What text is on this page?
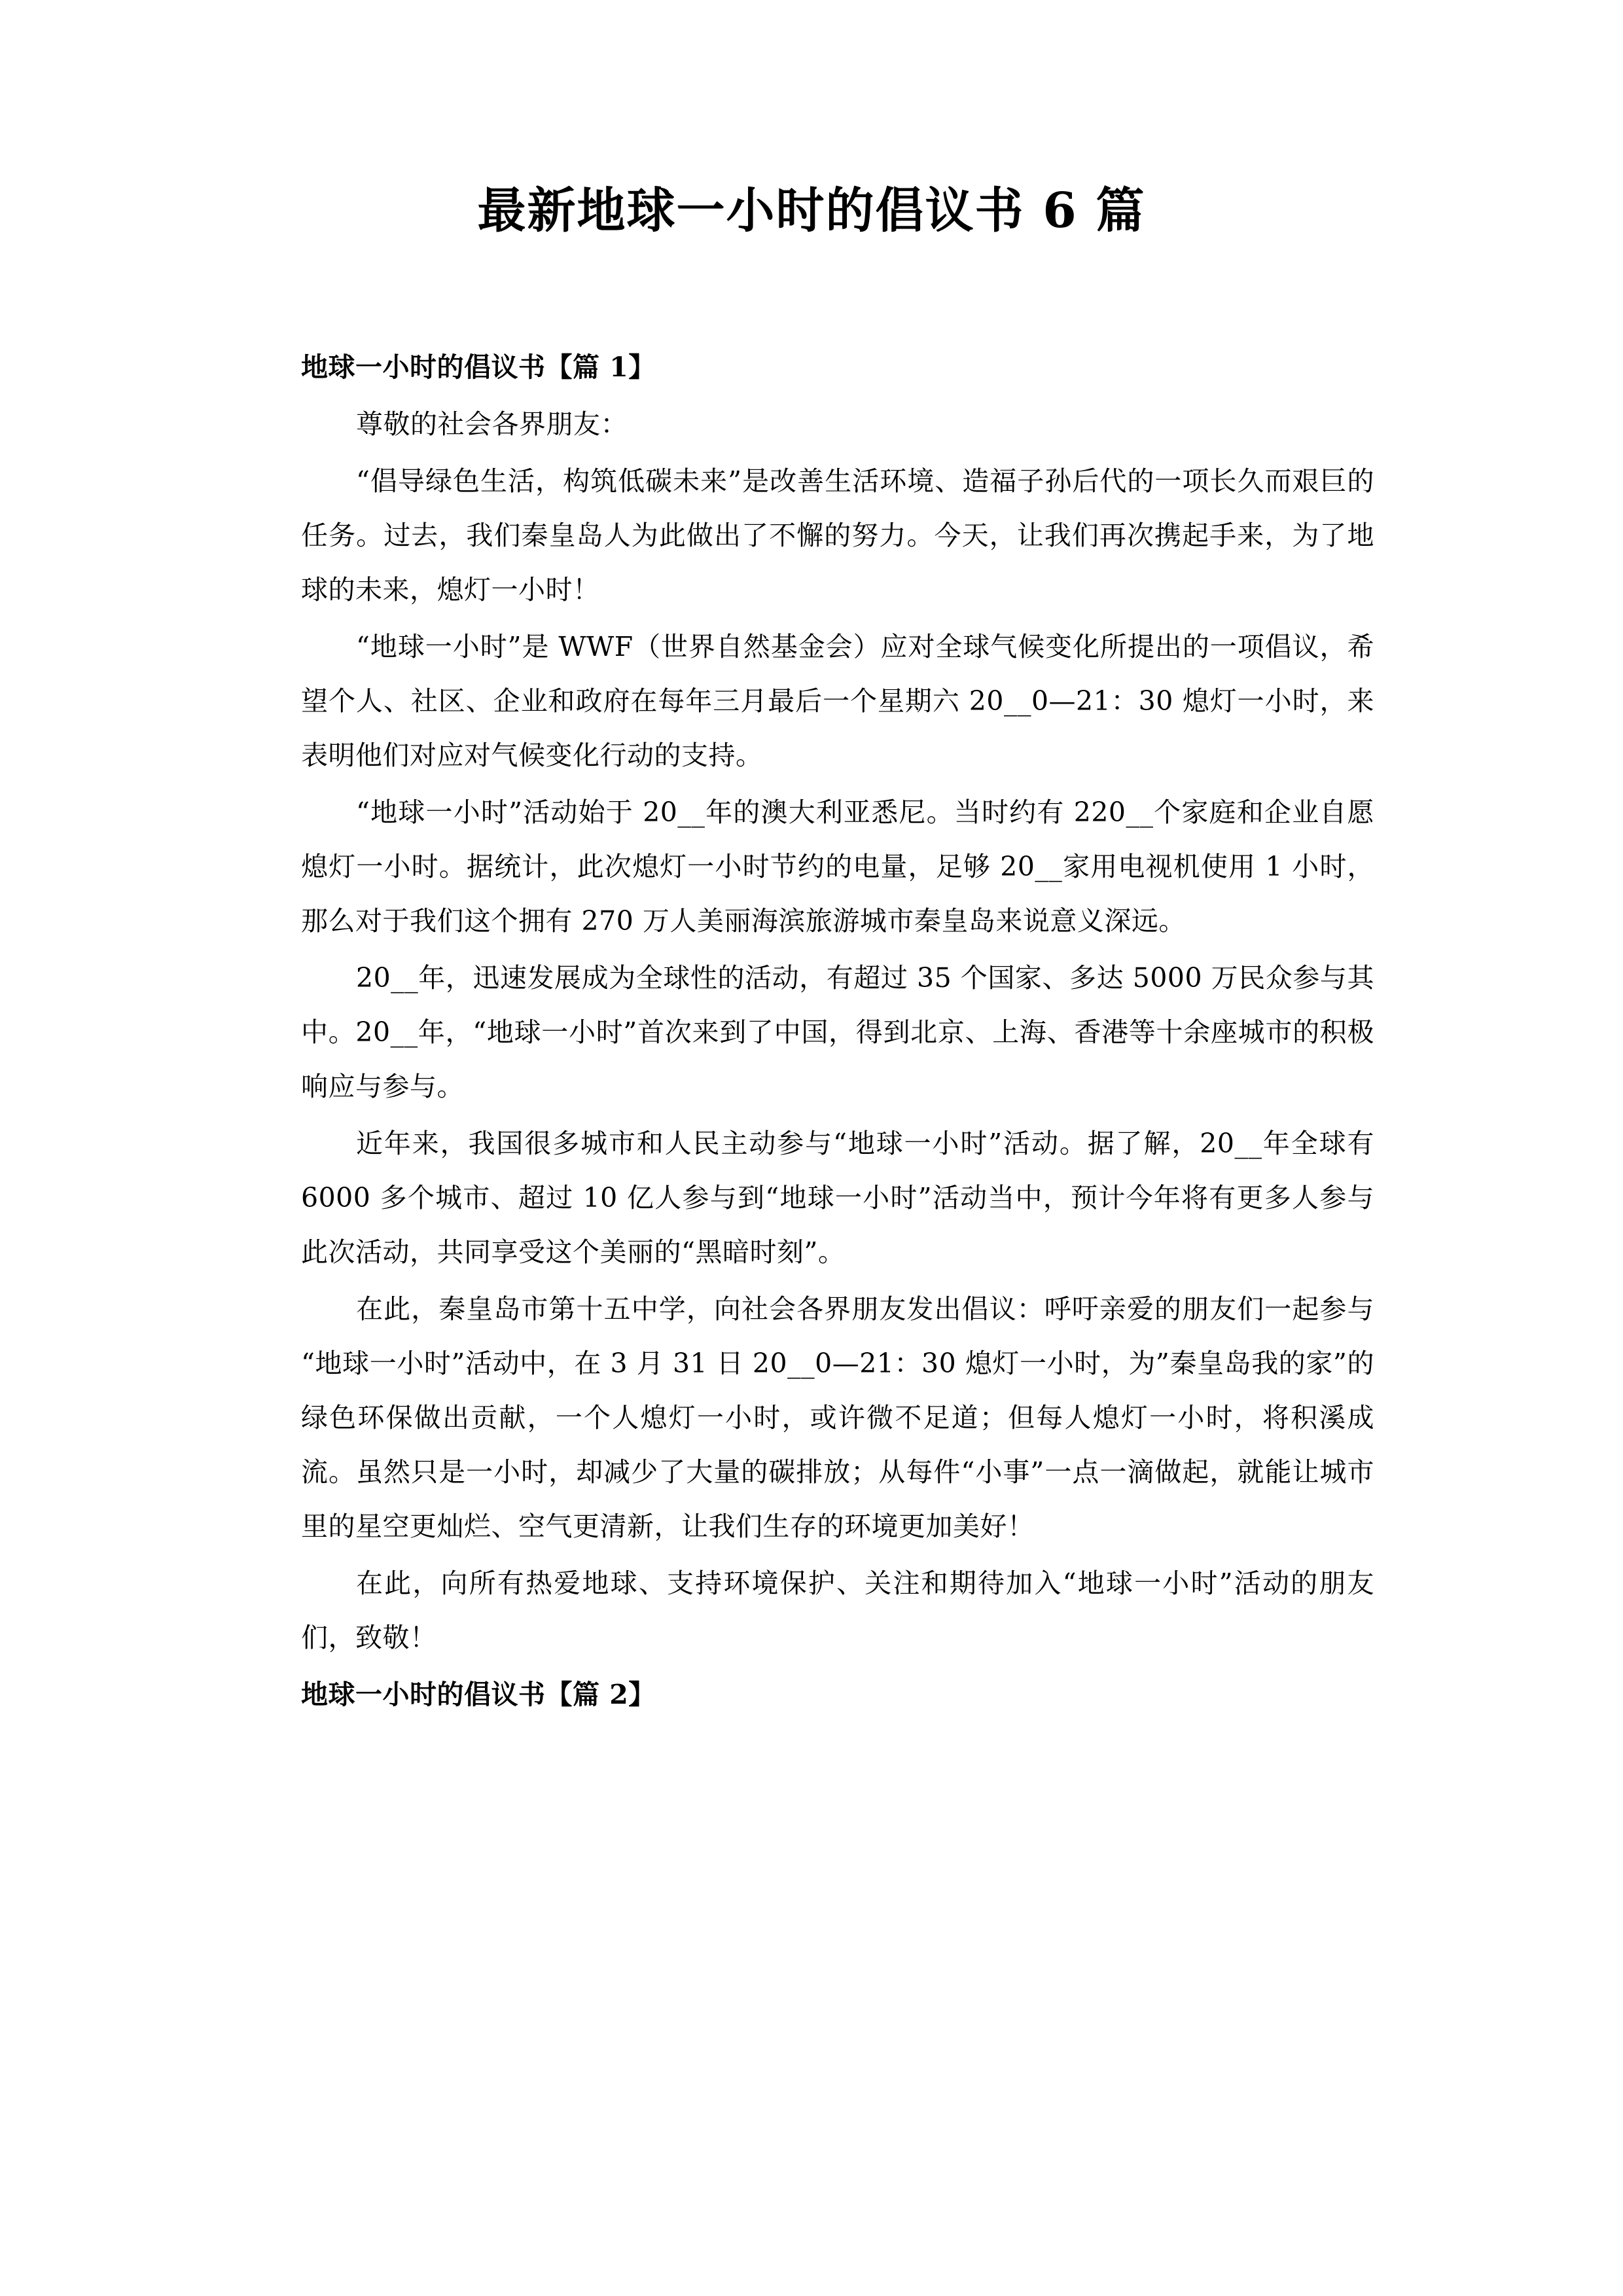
最新地球一小时的倡议书 6 篇

地球一小时的倡议书【篇 1】

尊敬的社会各界朋友：

“倡导绿色生活，构筑低碳未来”是改善生活环境、造福子孙后代的一项长久而艰巨的任务。过去，我们秦皇岛人为此做出了不懈的努力。今天，让我们再次携起手来，为了地球的未来，熄灯一小时！

“地球一小时”是 WWF（世界自然基金会）应对全球气候变化所提出的一项倡议，希望个人、社区、企业和政府在每年三月最后一个星期六 20__0—21：30 熄灯一小时，来表明他们对应对气候变化行动的支持。

“地球一小时”活动始于 20__年的澳大利亚悉尼。当时约有 220__个家庭和企业自愿熄灯一小时。据统计，此次熄灯一小时节约的电量，足够 20__家用电视机使用 1 小时，那么对于我们这个拥有 270 万人美丽海滨旅游城市秦皇岛来说意义深远。

20__年，迅速发展成为全球性的活动，有超过 35 个国家、多达 5000 万民众参与其中。20__年，“地球一小时”首次来到了中国，得到北京、上海、香港等十余座城市的积极响应与参与。

近年来，我国很多城市和人民主动参与“地球一小时”活动。据了解，20__年全球有 6000 多个城市、超过 10 亿人参与到“地球一小时”活动当中，预计今年将有更多人参与此次活动，共同享受这个美丽的“黑暗时刻”。

在此，秦皇岛市第十五中学，向社会各界朋友发出倡议：呼吁亲爱的朋友们一起参与“地球一小时”活动中，在 3 月 31 日 20__0—21：30 熄灯一小时，为”秦皇岛我的家”的绿色环保做出贡献，一个人熄灯一小时，或许微不足道；但每人熄灯一小时，将积溪成流。虽然只是一小时，却减少了大量的碳排放；从每件“小事”一点一滴做起，就能让城市里的星空更灿烂、空气更清新，让我们生存的环境更加美好！

在此，向所有热爱地球、支持环境保护、关注和期待加入“地球一小时”活动的朋友们，致敬！

地球一小时的倡议书【篇 2】
